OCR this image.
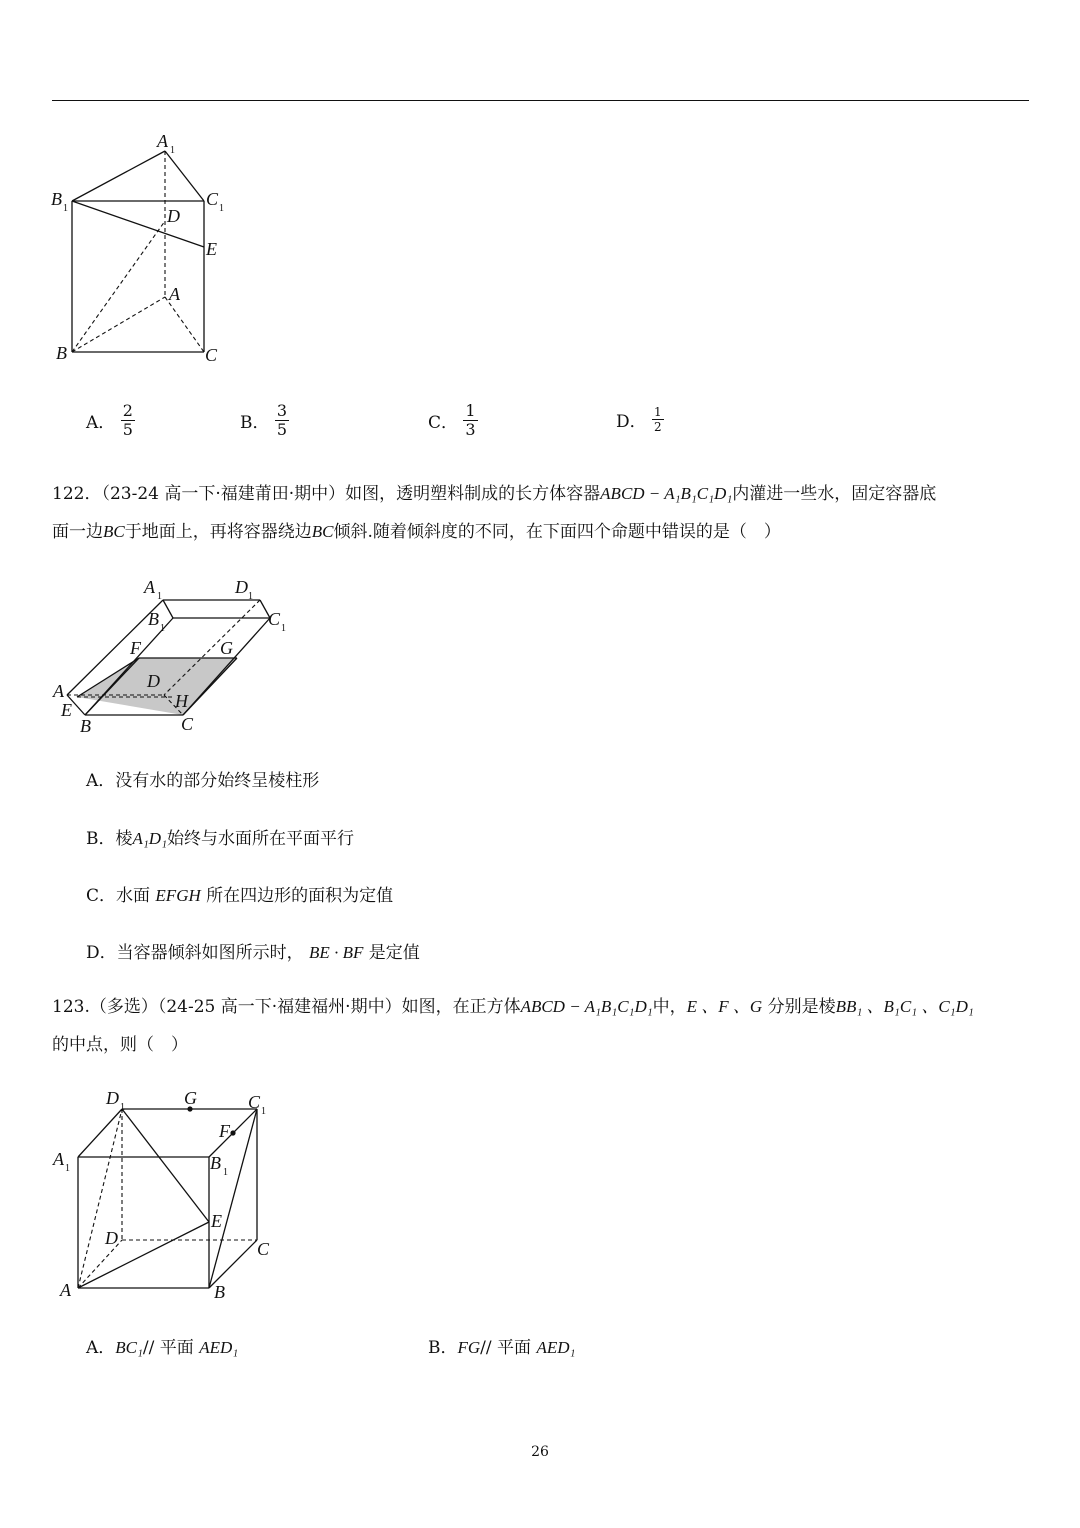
A 1
B 1	C 1
D
E
A
B	C
A． $\frac{2}{5}$	B． $\frac{3}{5}$	C． $\frac{1}{3}$	D． $\frac{1}{2}$
122．（23-24 高一下·福建莆田·期中）如图，透明塑料制成的长方体容器ABCD − A₁B₁C₁D₁内灌进一些水，固定容器底
面一边BC于地面上，再将容器绕边BC倾斜.随着倾斜度的不同，在下面四个命题中错误的是（　）
A 1	D 1
B 1	C 1
F	G
D
A	H
E
B	C
A．没有水的部分始终呈棱柱形
B．棱A₁D₁始终与水面所在平面平行
C．水面 EFGH 所在四边形的面积为定值
D．当容器倾斜如图所示时， BE · BF 是定值
123.（多选）（24-25 高一下·福建福州·期中）如图，在正方体ABCD − A₁B₁C₁D₁中，E 、F 、G 分别是棱BB₁ 、B₁C₁ 、C₁D₁
的中点，则（　）
D 1	G	C 1
F
A 1	B 1
E
D
C
A	B
A．BC₁// 平面 AED₁	B．FG// 平面 AED₁
26
